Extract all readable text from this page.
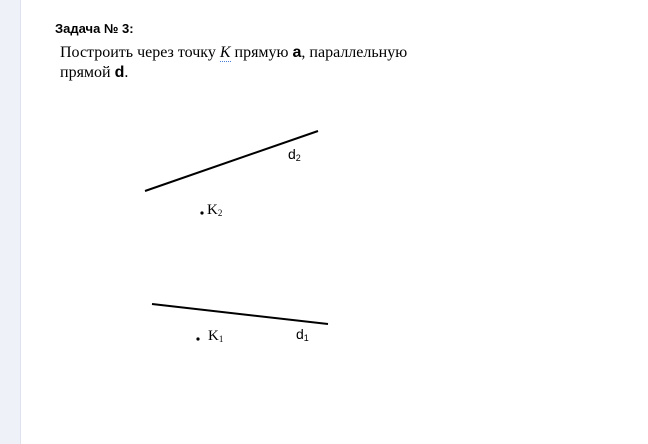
Задача № 3:
Построить через точку K прямую a, параллельную
прямой d.
d2
K2
d1
K1
